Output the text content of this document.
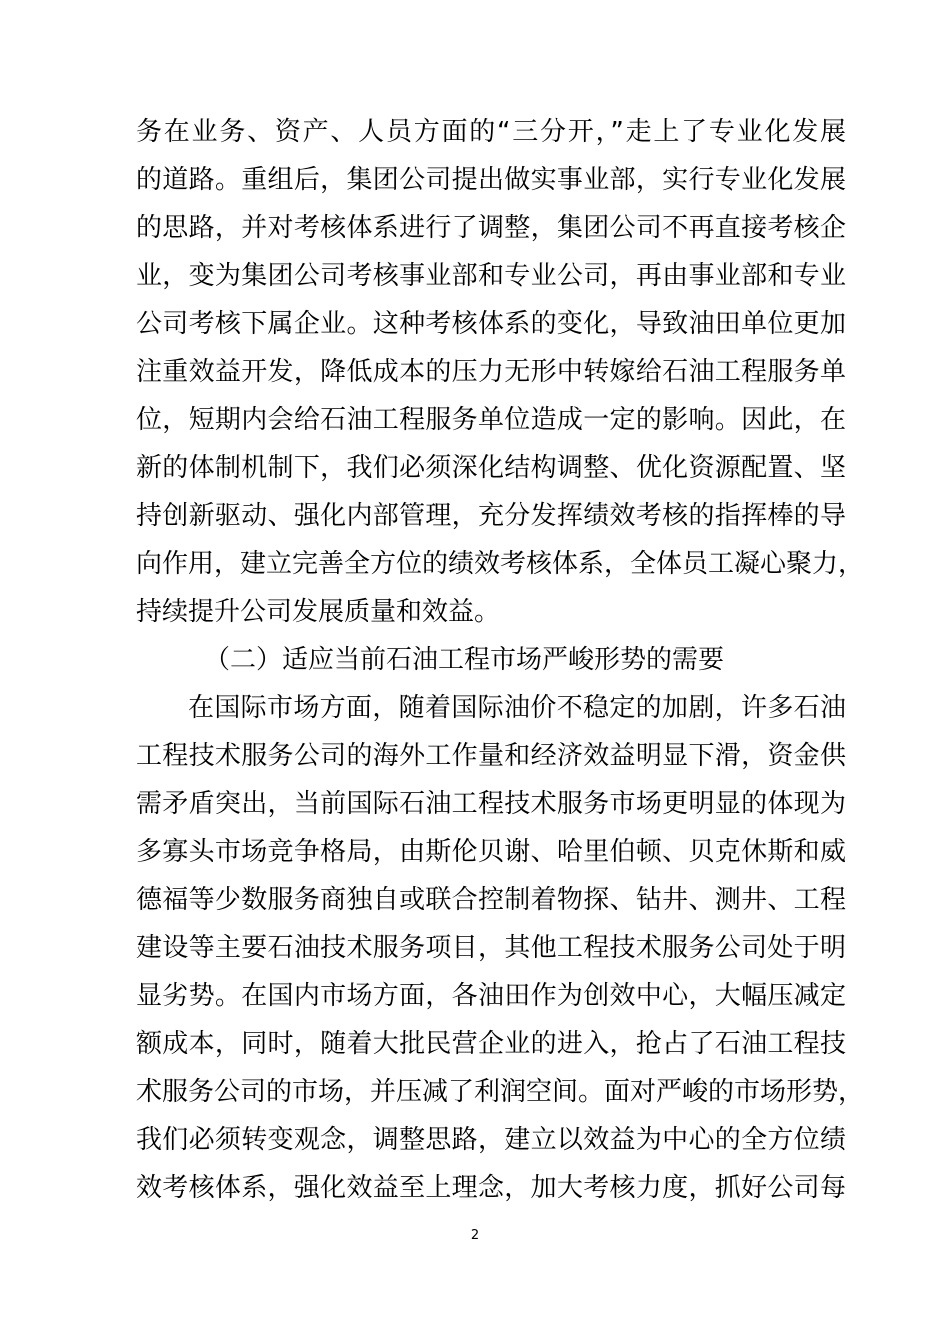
务在业务、资产、人员方面的“三分开，”走上了专业化发展
的道路。重组后，集团公司提出做实事业部，实行专业化发展
的思路，并对考核体系进行了调整，集团公司不再直接考核企
业，变为集团公司考核事业部和专业公司，再由事业部和专业
公司考核下属企业。这种考核体系的变化，导致油田单位更加
注重效益开发，降低成本的压力无形中转嫁给石油工程服务单
位，短期内会给石油工程服务单位造成一定的影响。因此，在
新的体制机制下，我们必须深化结构调整、优化资源配置、坚
持创新驱动、强化内部管理，充分发挥绩效考核的指挥棒的导
向作用，建立完善全方位的绩效考核体系，全体员工凝心聚力，
持续提升公司发展质量和效益。
（二）适应当前石油工程市场严峻形势的需要
在国际市场方面，随着国际油价不稳定的加剧，许多石油
工程技术服务公司的海外工作量和经济效益明显下滑，资金供
需矛盾突出，当前国际石油工程技术服务市场更明显的体现为
多寡头市场竞争格局，由斯伦贝谢、哈里伯顿、贝克休斯和威
德福等少数服务商独自或联合控制着物探、钻井、测井、工程
建设等主要石油技术服务项目，其他工程技术服务公司处于明
显劣势。在国内市场方面，各油田作为创效中心，大幅压减定
额成本，同时，随着大批民营企业的进入，抢占了石油工程技
术服务公司的市场，并压减了利润空间。面对严峻的市场形势，
我们必须转变观念，调整思路，建立以效益为中心的全方位绩
效考核体系，强化效益至上理念，加大考核力度，抓好公司每
2
